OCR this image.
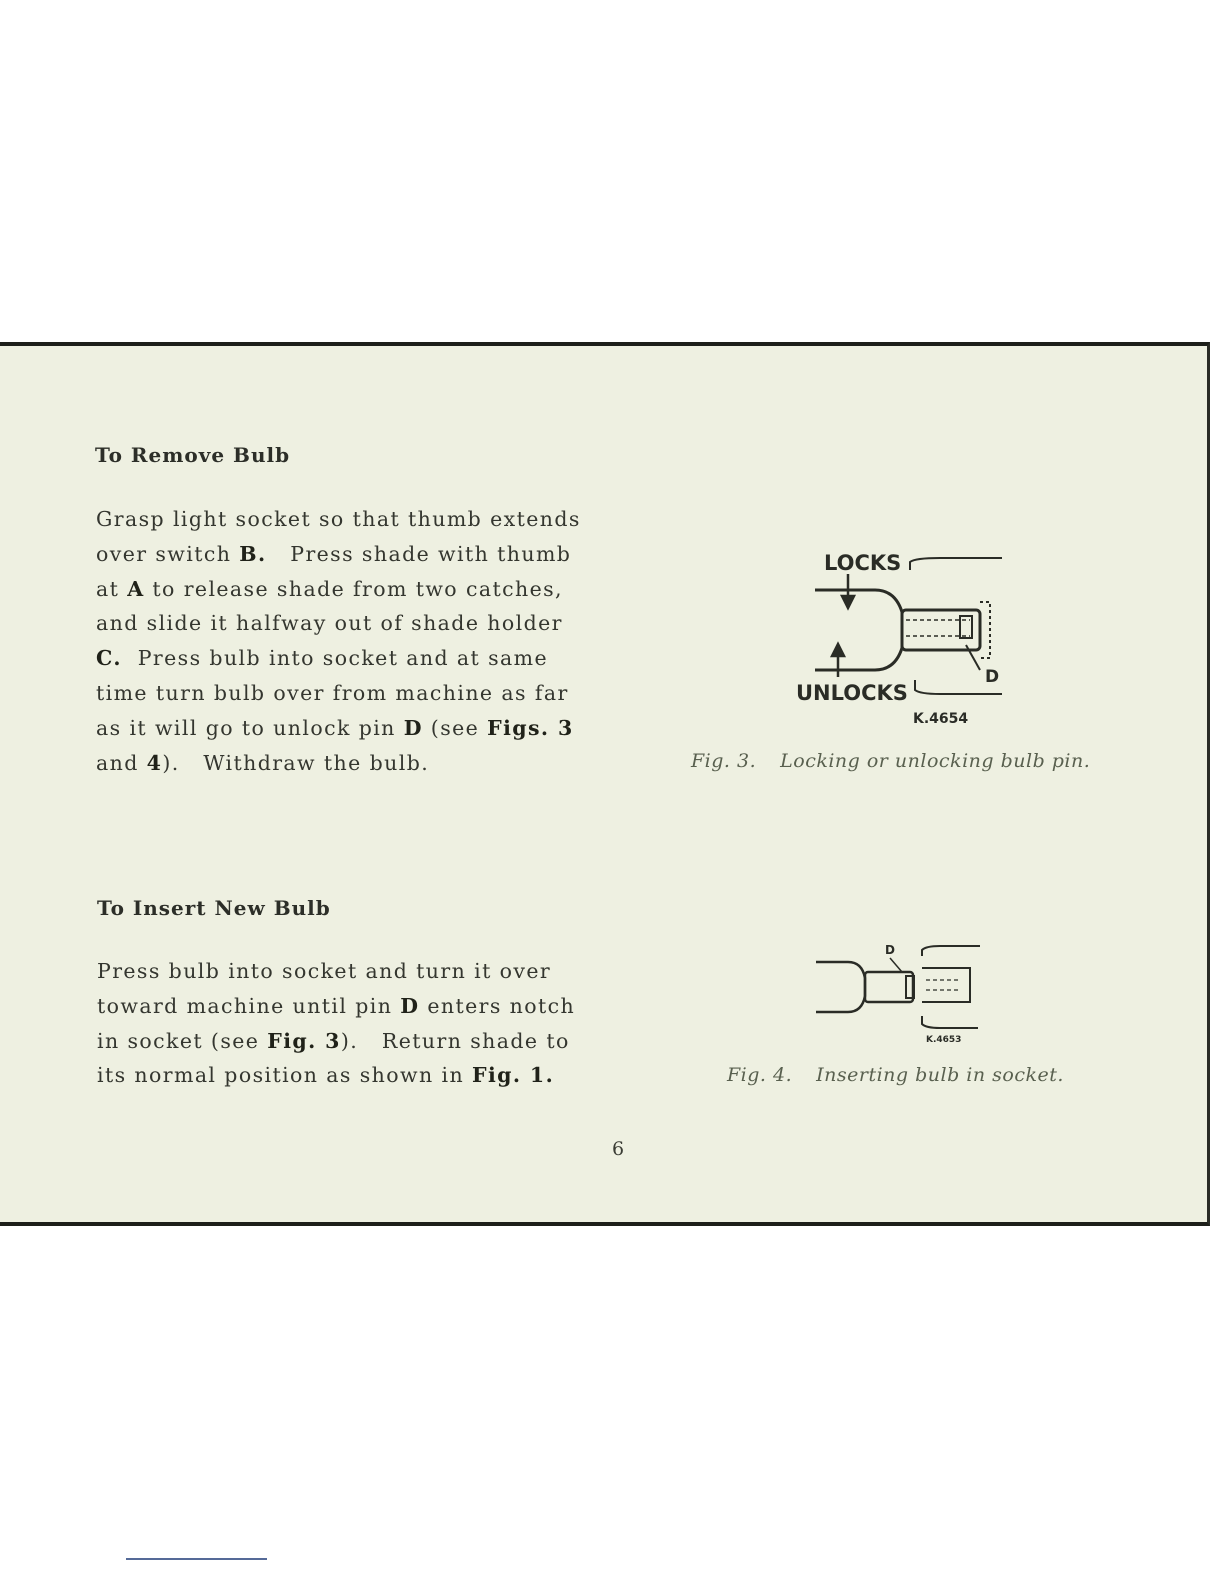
To Remove Bulb

Grasp light socket so that thumb extends

over switch B.   Press shade with thumb

at A to release shade from two catches,

and slide it halfway out of shade holder

C.  Press bulb into socket and at same

time turn bulb over from machine as far

as it will go to unlock pin D (see Figs. 3

and 4).   Withdraw the bulb.

To Insert New Bulb

Press bulb into socket and turn it over

toward machine until pin D enters notch

in socket (see Fig. 3).   Return shade to

its normal position as shown in Fig. 1.

LOCKS
UNLOCKS
D
K.4654
Fig. 3. Locking or unlocking bulb pin.
D
K.4653
Fig. 4. Inserting bulb in socket.
6
